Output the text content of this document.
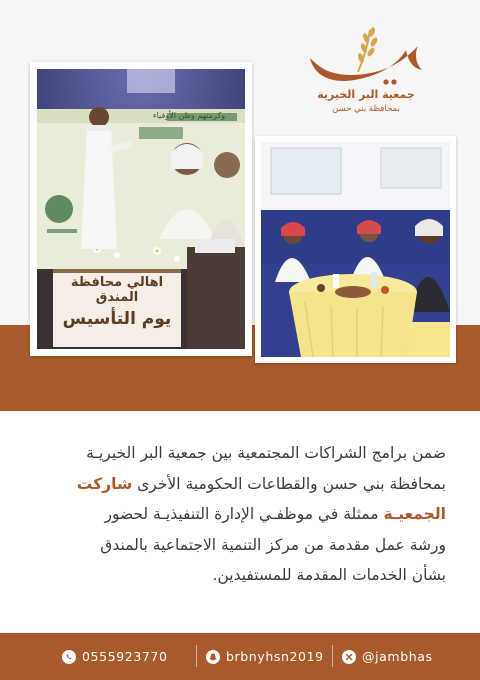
اهالي محافظة المندق
يوم التأسيس
وكرمتهم وطن الأوفياء
جمعية البر الخيرية
بمحافظة بني حسن
ضمن برامج الشراكات المجتمعية بين جمعية البر الخيريـة
بمحافظة بني حسن والقطاعات الحكومية الأخرى شاركت
الجمعيـة ممثلة في موظفـي الإدارة التنفيذيـة لحضور
ورشة عمل مقدمة من مركز التنمية الاجتماعية بالمندق
بشأن الخدمات المقدمة للمستفيدين.
0555923770	brbnyhsn2019	@jambhas
